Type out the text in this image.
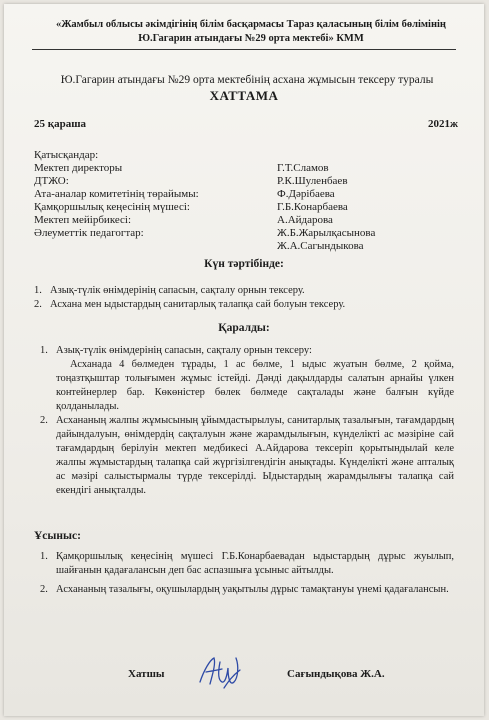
«Жамбыл облысы әкімдігінің білім басқармасы Тараз қаласының білім бөлімінің Ю.Гагарин атындағы №29 орта мектебі» КММ
Ю.Гагарин атындағы №29 орта мектебінің асхана жұмысын тексеру туралы
ХАТТАМА
25 қараша	2021ж
Қатысқандар:
Мектеп директоры	Г.Т.Сламов
ДТЖО:	Р.К.Шуленбаев
Ата-аналар комитетінің төрайымы:	Ф.Дәрібаева
Қамқоршылық кеңесінің мүшесі:	Г.Б.Конарбаева
Мектеп мейірбикесі:	А.Айдарова
Әлеуметтік педагогтар:	Ж.Б.Жарылқасынова
Ж.А.Сагындыкова
Күн тәртібінде:
1. Азық-түлік өнімдерінің сапасын, сақталу орнын тексеру.
2. Асхана мен ыдыстардың санитарлық талапқа сай болуын тексеру.
Қаралды:
1. Азық-түлік өнімдерінің сапасын, сақталу орнын тексеру:
Асханада 4 бөлмеден тұрады, 1 ас бөлме, 1 ыдыс жуатын бөлме, 2 қойма, тоңазтқыштар толығымен жұмыс істейді. Дәнді дақылдарды салатын арнайы үлкен контейнерлер бар. Көкөністер бөлек бөлмеде сақталады және балғын күйде қолданылады.
2. Асхананың жалпы жұмысының ұйымдастырылуы, санитарлық тазалығын, тағамдардың дайындалуын, өнімдердің сақталуын және жарамдылығын, күнделікті ас мәзіріне сай тағамдардың берілуін мектеп медбикесі А.Айдарова тексеріп қорытындылай келе жалпы жұмыстардың талапқа сай жүргізілгендігін анықтады. Күнделікті және апталық ас мәзірі салыстырмалы түрде тексерілді. Ыдыстардың жарамдылығы талапқа сай екендігі анықталды.
Ұсыныс:
1. Қамқоршылық кеңесінің мүшесі Г.Б.Конарбаевадан ыдыстардың дұрыс жуылып, шайғанын қадағалансын деп бас аспазшыға ұсыныс айтылды.
2. Асхананың тазалығы, оқушылардың уақытылы дұрыс тамақтануы үнемі қадағалансын.
Хатшы	Сағындықова Ж.А.
